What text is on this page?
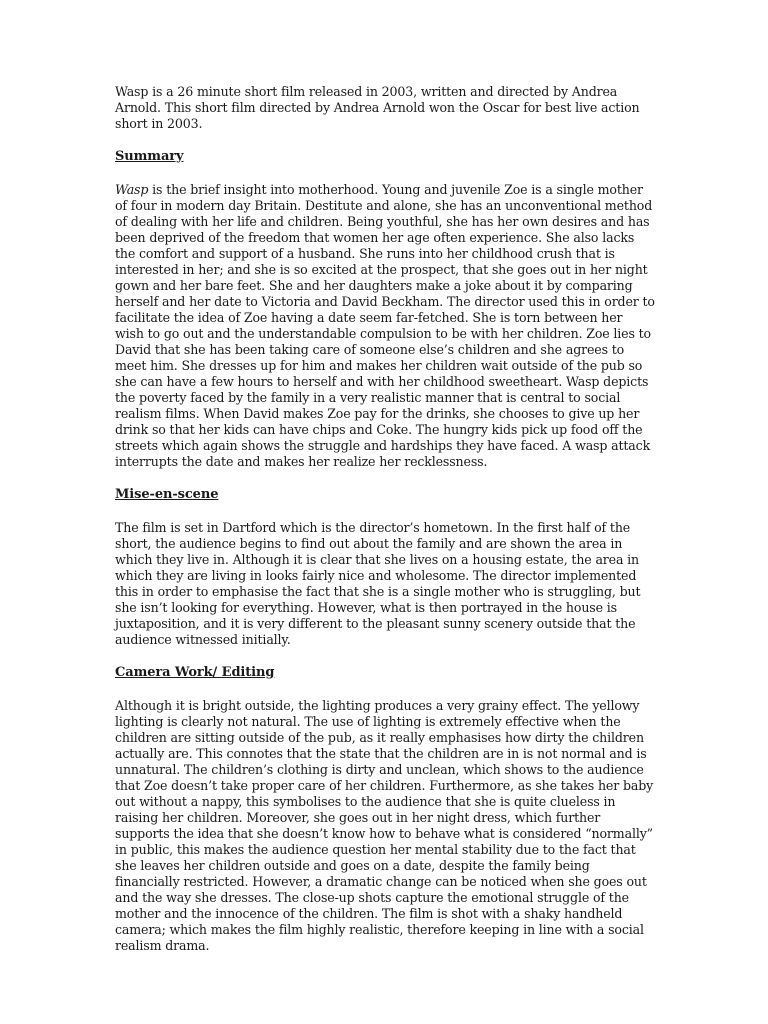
Wasp is a 26 minute short film released in 2003, written and directed by Andrea Arnold. This short film directed by Andrea Arnold won the Oscar for best live action short in 2003.

Summary

Wasp is the brief insight into motherhood. Young and juvenile Zoe is a single mother of four in modern day Britain. Destitute and alone, she has an unconventional method of dealing with her life and children. Being youthful, she has her own desires and has been deprived of the freedom that women her age often experience. She also lacks the comfort and support of a husband. She runs into her childhood crush that is interested in her; and she is so excited at the prospect, that she goes out in her night gown and her bare feet. She and her daughters make a joke about it by comparing herself and her date to Victoria and David Beckham. The director used this in order to facilitate the idea of Zoe having a date seem far-fetched. She is torn between her wish to go out and the understandable compulsion to be with her children. Zoe lies to David that she has been taking care of someone else’s children and she agrees to meet him. She dresses up for him and makes her children wait outside of the pub so she can have a few hours to herself and with her childhood sweetheart. Wasp depicts the poverty faced by the family in a very realistic manner that is central to social realism films. When David makes Zoe pay for the drinks, she chooses to give up her drink so that her kids can have chips and Coke. The hungry kids pick up food off the streets which again shows the struggle and hardships they have faced. A wasp attack interrupts the date and makes her realize her recklessness.

Mise-en-scene

The film is set in Dartford which is the director’s hometown. In the first half of the short, the audience begins to find out about the family and are shown the area in which they live in. Although it is clear that she lives on a housing estate, the area in which they are living in looks fairly nice and wholesome. The director implemented this in order to emphasise the fact that she is a single mother who is struggling, but she isn’t looking for everything. However, what is then portrayed in the house is juxtaposition, and it is very different to the pleasant sunny scenery outside that the audience witnessed initially.

Camera Work/ Editing

Although it is bright outside, the lighting produces a very grainy effect. The yellowy lighting is clearly not natural. The use of lighting is extremely effective when the children are sitting outside of the pub, as it really emphasises how dirty the children actually are. This connotes that the state that the children are in is not normal and is unnatural. The children’s clothing is dirty and unclean, which shows to the audience that Zoe doesn’t take proper care of her children. Furthermore, as she takes her baby out without a nappy, this symbolises to the audience that she is quite clueless in raising her children. Moreover, she goes out in her night dress, which further supports the idea that she doesn’t know how to behave what is considered “normally” in public, this makes the audience question her mental stability due to the fact that she leaves her children outside and goes on a date, despite the family being financially restricted. However, a dramatic change can be noticed when she goes out and the way she dresses. The close-up shots capture the emotional struggle of the mother and the innocence of the children. The film is shot with a shaky handheld camera; which makes the film highly realistic, therefore keeping in line with a social realism drama.
